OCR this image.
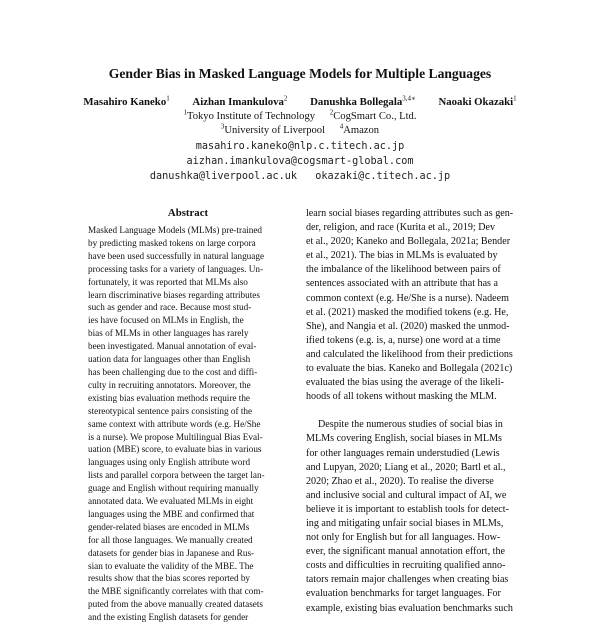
Gender Bias in Masked Language Models for Multiple Languages
Masahiro Kaneko$^1$ Aizhan Imankulova$^2$ Danushka Bollegala$^{3,4∗}$ Naoaki Okazaki$^1$
$^1$Tokyo Institute of Technology $^2$CogSmart Co., Ltd.
$^3$University of Liverpool $^4$Amazon
masahiro.kaneko@nlp.c.titech.ac.jp
aizhan.imankulova@cogsmart-global.com
danushka@liverpool.ac.uk okazaki@c.titech.ac.jp
Abstract
Masked Language Models (MLMs) pre-trained
by predicting masked tokens on large corpora
have been used successfully in natural language
processing tasks for a variety of languages. Un-
fortunately, it was reported that MLMs also
learn discriminative biases regarding attributes
such as gender and race. Because most stud-
ies have focused on MLMs in English, the
bias of MLMs in other languages has rarely
been investigated. Manual annotation of eval-
uation data for languages other than English
has been challenging due to the cost and diffi-
culty in recruiting annotators. Moreover, the
existing bias evaluation methods require the
stereotypical sentence pairs consisting of the
same context with attribute words (e.g. He/She
is a nurse). We propose Multilingual Bias Eval-
uation (MBE) score, to evaluate bias in various
languages using only English attribute word
lists and parallel corpora between the target lan-
guage and English without requiring manually
annotated data. We evaluated MLMs in eight
languages using the MBE and confirmed that
gender-related biases are encoded in MLMs
for all those languages. We manually created
datasets for gender bias in Japanese and Rus-
sian to evaluate the validity of the MBE. The
results show that the bias scores reported by
the MBE significantly correlates with that com-
puted from the above manually created datasets
and the existing English datasets for gender
learn social biases regarding attributes such as gen-
der, religion, and race (Kurita et al., 2019; Dev
et al., 2020; Kaneko and Bollegala, 2021a; Bender
et al., 2021). The bias in MLMs is evaluated by
the imbalance of the likelihood between pairs of
sentences associated with an attribute that has a
common context (e.g. He/She is a nurse). Nadeem
et al. (2021) masked the modified tokens (e.g. He,
She), and Nangia et al. (2020) masked the unmod-
ified tokens (e.g. is, a, nurse) one word at a time
and calculated the likelihood from their predictions
to evaluate the bias. Kaneko and Bollegala (2021c)
evaluated the bias using the average of the likeli-
hoods of all tokens without masking the MLM.
Despite the numerous studies of social bias in
MLMs covering English, social biases in MLMs
for other languages remain understudied (Lewis
and Lupyan, 2020; Liang et al., 2020; Bartl et al.,
2020; Zhao et al., 2020). To realise the diverse
and inclusive social and cultural impact of AI, we
believe it is important to establish tools for detect-
ing and mitigating unfair social biases in MLMs,
not only for English but for all languages. How-
ever, the significant manual annotation effort, the
costs and difficulties in recruiting qualified anno-
tators remain major challenges when creating bias
evaluation benchmarks for target languages. For
example, existing bias evaluation benchmarks such
